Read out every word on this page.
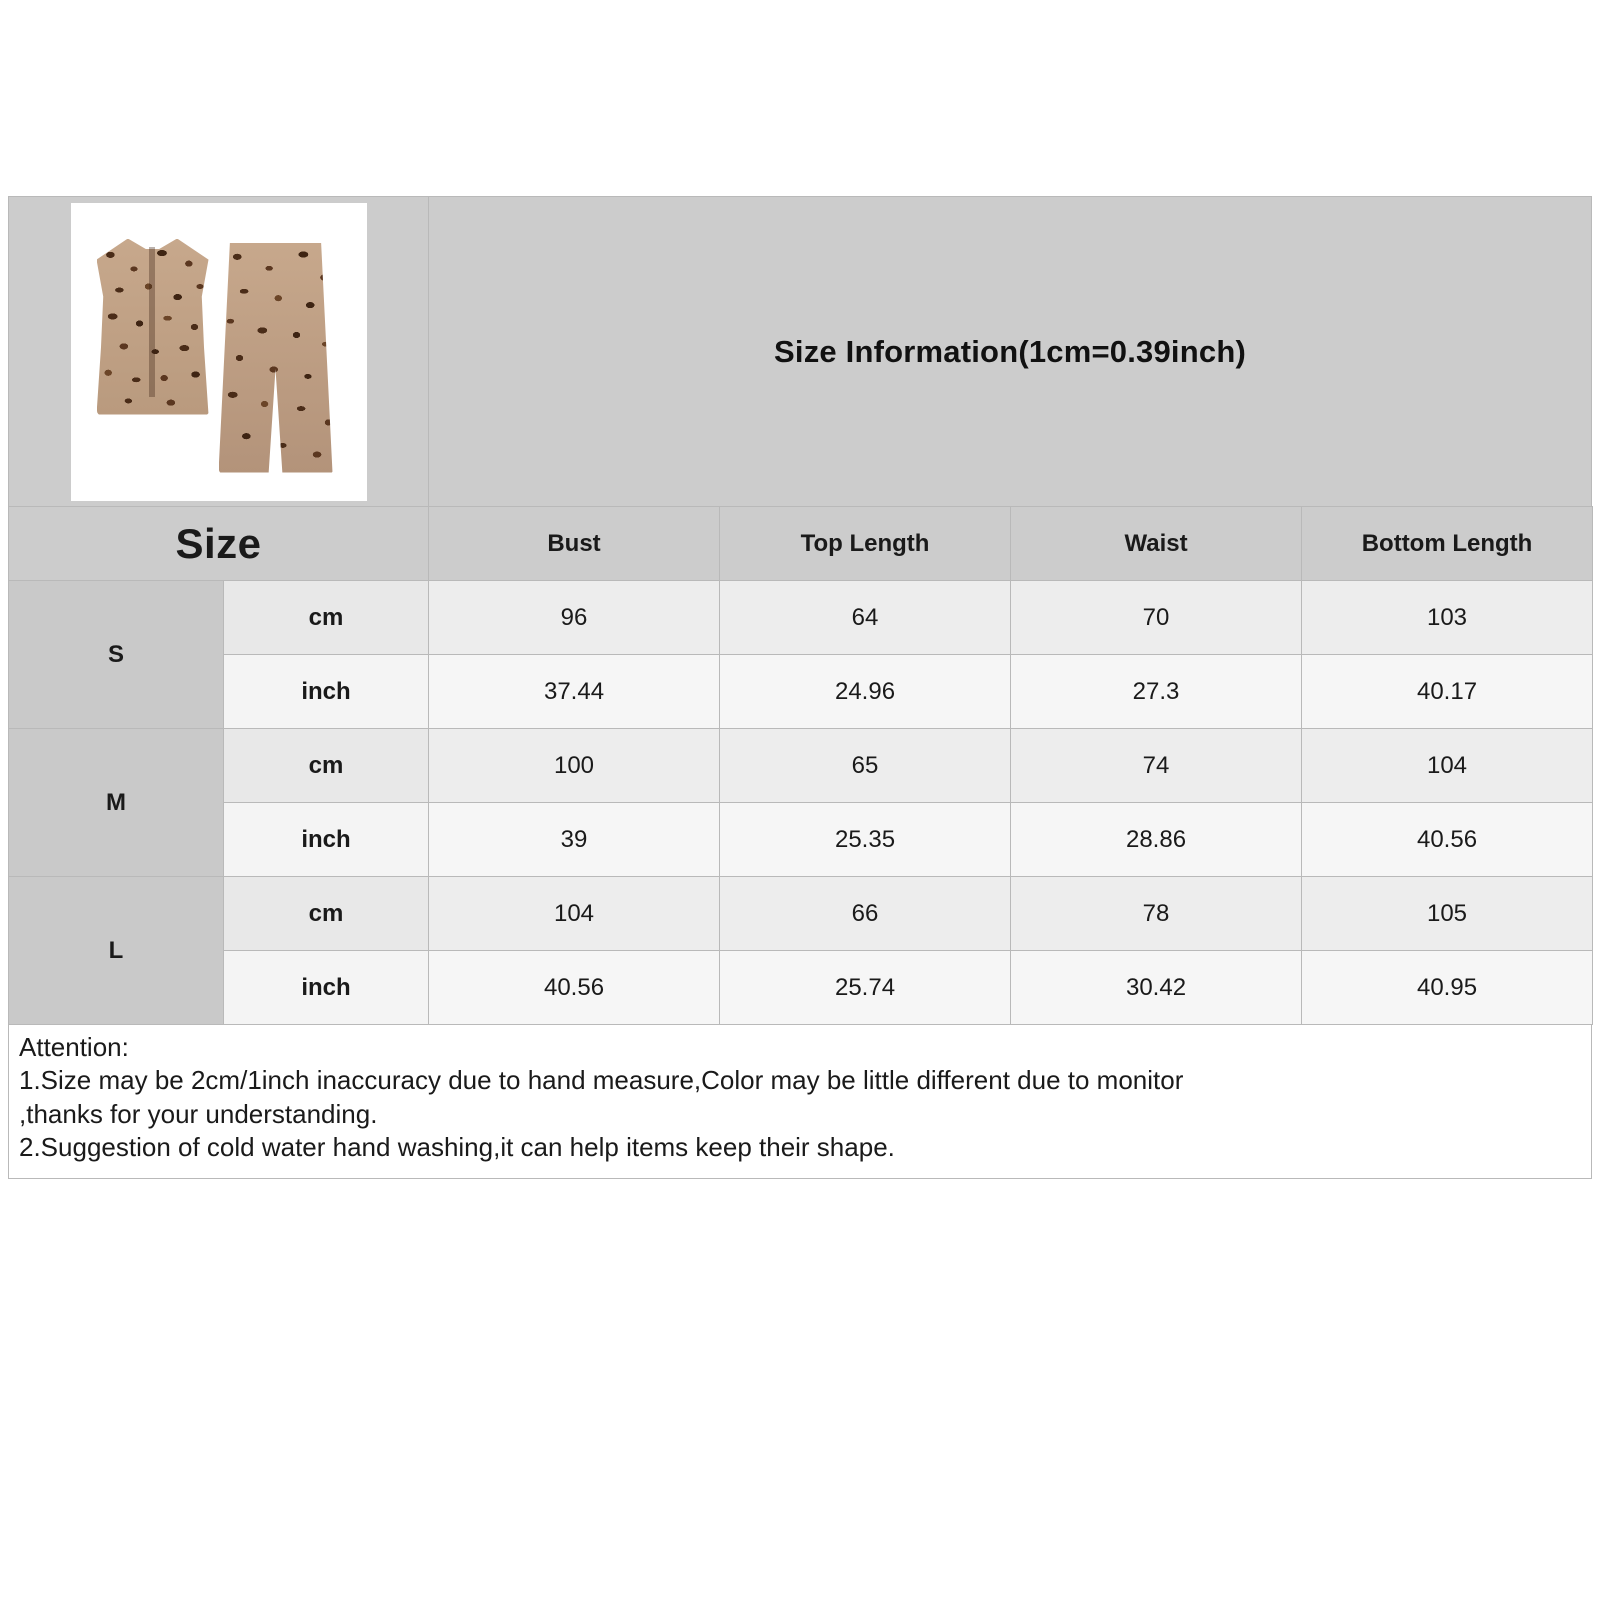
Size Information(1cm=0.39inch)
Size		Bust	Top Length	Waist	Bottom Length
S	cm	96	64	70	103
	inch	37.44	24.96	27.3	40.17
M	cm	100	65	74	104
	inch	39	25.35	28.86	40.56
L	cm	104	66	78	105
	inch	40.56	25.74	30.42	40.95
Attention:
1.Size may be 2cm/1inch inaccuracy due to hand measure,Color may be little different due to monitor
,thanks for your understanding.
2.Suggestion of cold water hand washing,it can help items keep their shape.
